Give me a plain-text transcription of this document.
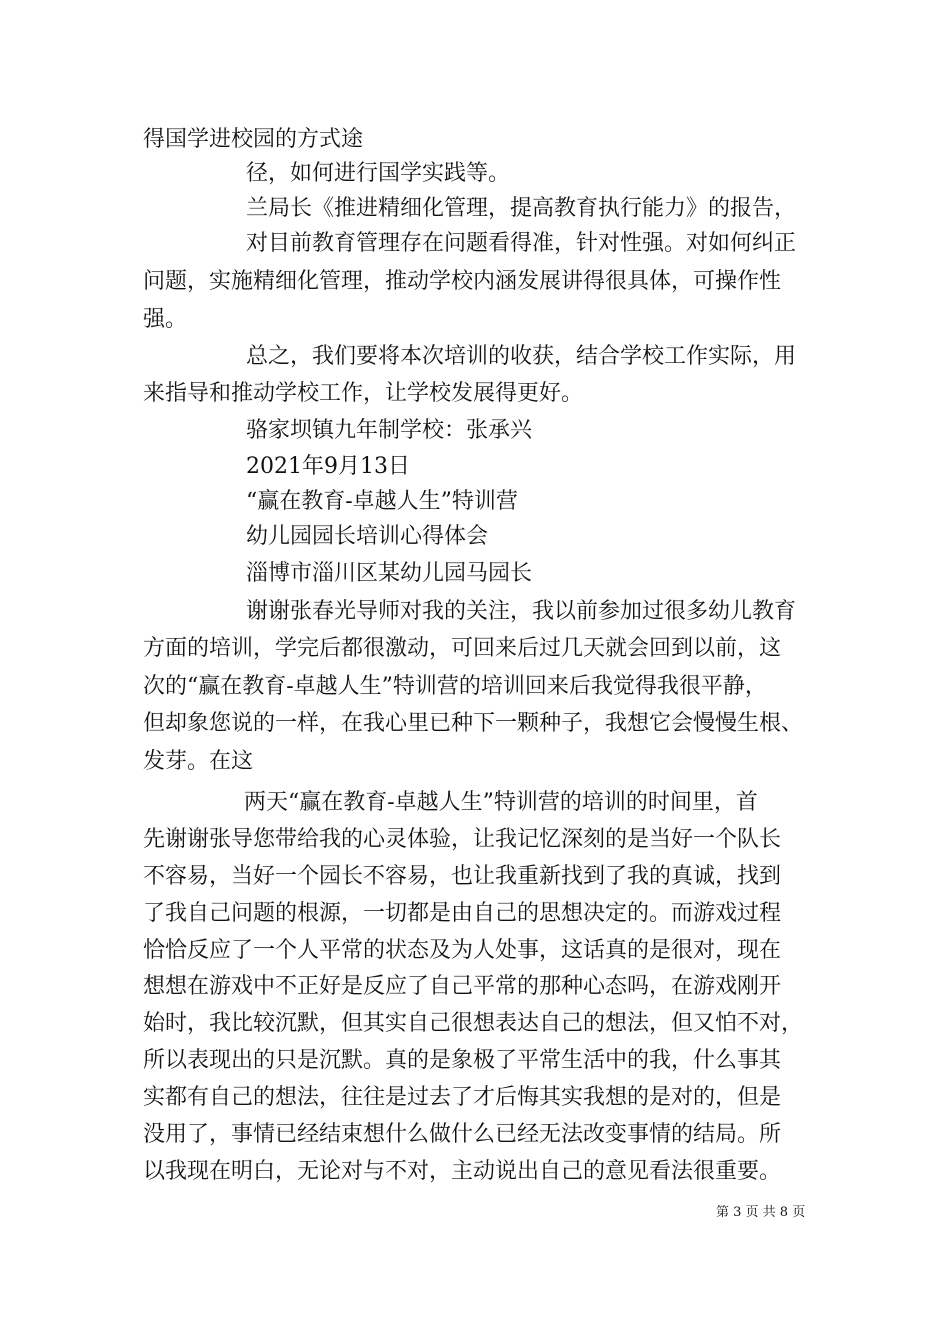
得国学进校园的方式途
径，如何进行国学实践等。
兰局长《推进精细化管理，提高教育执行能力》的报告，
对目前教育管理存在问题看得准，针对性强。对如何纠正
问题，实施精细化管理，推动学校内涵发展讲得很具体，可操作性
强。
总之，我们要将本次培训的收获，结合学校工作实际，用
来指导和推动学校工作，让学校发展得更好。
骆家坝镇九年制学校：张承兴
2021年9月13日
“赢在教育-卓越人生”特训营
幼儿园园长培训心得体会
淄博市淄川区某幼儿园马园长
谢谢张春光导师对我的关注，我以前参加过很多幼儿教育
方面的培训，学完后都很激动，可回来后过几天就会回到以前，这
次的“赢在教育-卓越人生”特训营的培训回来后我觉得我很平静，
但却象您说的一样，在我心里已种下一颗种子，我想它会慢慢生根、
发芽。在这
两天“赢在教育-卓越人生”特训营的培训的时间里，首
先谢谢张导您带给我的心灵体验，让我记忆深刻的是当好一个队长
不容易，当好一个园长不容易，也让我重新找到了我的真诚，找到
了我自己问题的根源，一切都是由自己的思想决定的。而游戏过程
恰恰反应了一个人平常的状态及为人处事，这话真的是很对，现在
想想在游戏中不正好是反应了自己平常的那种心态吗，在游戏刚开
始时，我比较沉默，但其实自己很想表达自己的想法，但又怕不对，
所以表现出的只是沉默。真的是象极了平常生活中的我，什么事其
实都有自己的想法，往往是过去了才后悔其实我想的是对的，但是
没用了，事情已经结束想什么做什么已经无法改变事情的结局。所
以我现在明白，无论对与不对，主动说出自己的意见看法很重要。
第 3 页 共 8 页
